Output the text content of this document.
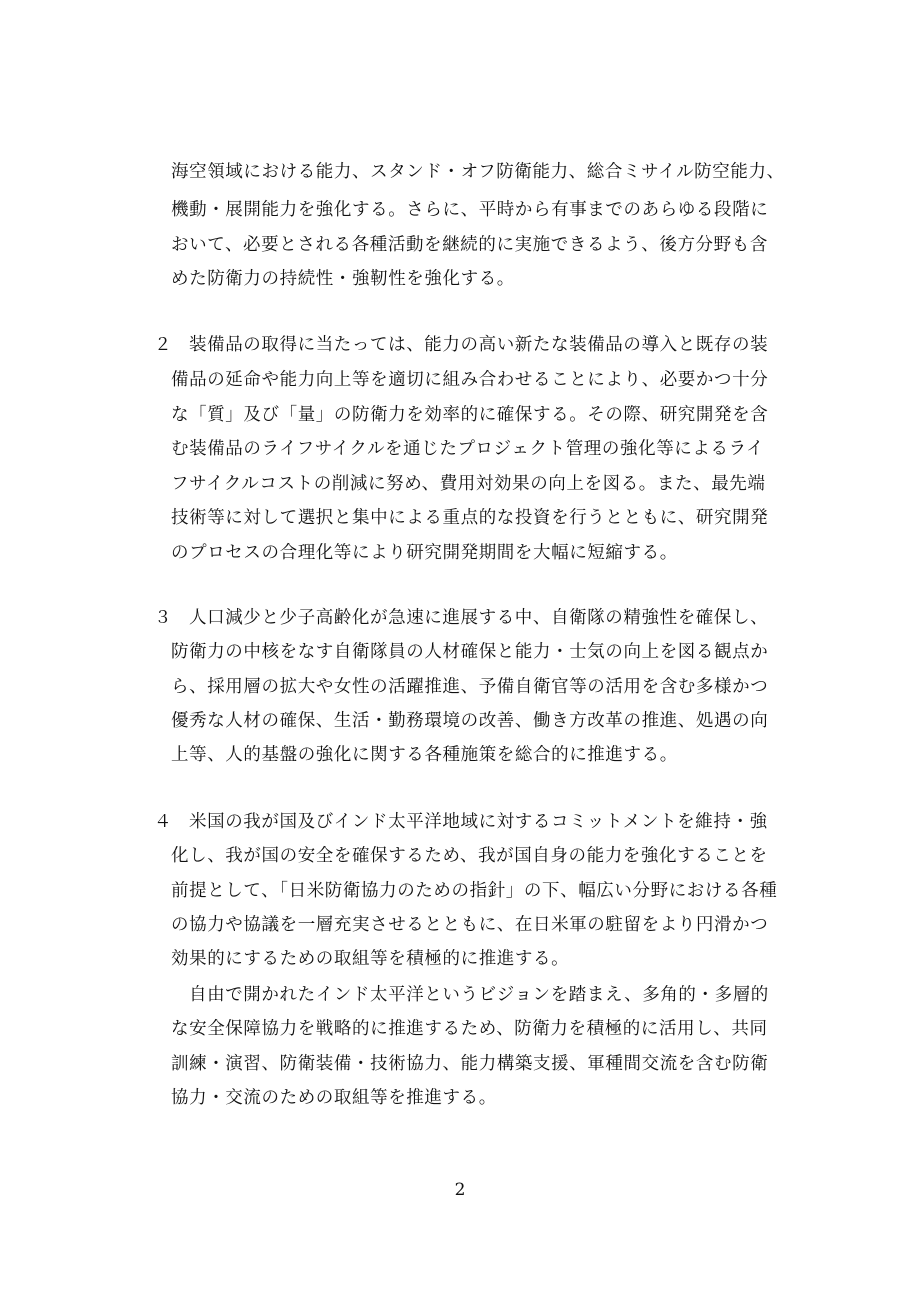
海空領域における能力、スタンド・オフ防衛能力、総合ミサイル防空能力、
機動・展開能力を強化する。さらに、平時から有事までのあらゆる段階に
おいて、必要とされる各種活動を継続的に実施できるよう、後方分野も含
めた防衛力の持続性・強靭性を強化する。
２ 装備品の取得に当たっては、能力の高い新たな装備品の導入と既存の装
備品の延命や能力向上等を適切に組み合わせることにより、必要かつ十分
な「質」及び「量」の防衛力を効率的に確保する。その際、研究開発を含
む装備品のライフサイクルを通じたプロジェクト管理の強化等によるライ
フサイクルコストの削減に努め、費用対効果の向上を図る。また、最先端
技術等に対して選択と集中による重点的な投資を行うとともに、研究開発
のプロセスの合理化等により研究開発期間を大幅に短縮する。
３ 人口減少と少子高齢化が急速に進展する中、自衛隊の精強性を確保し、
防衛力の中核をなす自衛隊員の人材確保と能力・士気の向上を図る観点か
ら、採用層の拡大や女性の活躍推進、予備自衛官等の活用を含む多様かつ
優秀な人材の確保、生活・勤務環境の改善、働き方改革の推進、処遇の向
上等、人的基盤の強化に関する各種施策を総合的に推進する。
４ 米国の我が国及びインド太平洋地域に対するコミットメントを維持・強
化し、我が国の安全を確保するため、我が国自身の能力を強化することを
前提として、「日米防衛協力のための指針」の下、幅広い分野における各種
の協力や協議を一層充実させるとともに、在日米軍の駐留をより円滑かつ
効果的にするための取組等を積極的に推進する。
自由で開かれたインド太平洋というビジョンを踏まえ、多角的・多層的
な安全保障協力を戦略的に推進するため、防衛力を積極的に活用し、共同
訓練・演習、防衛装備・技術協力、能力構築支援、軍種間交流を含む防衛
協力・交流のための取組等を推進する。
2
